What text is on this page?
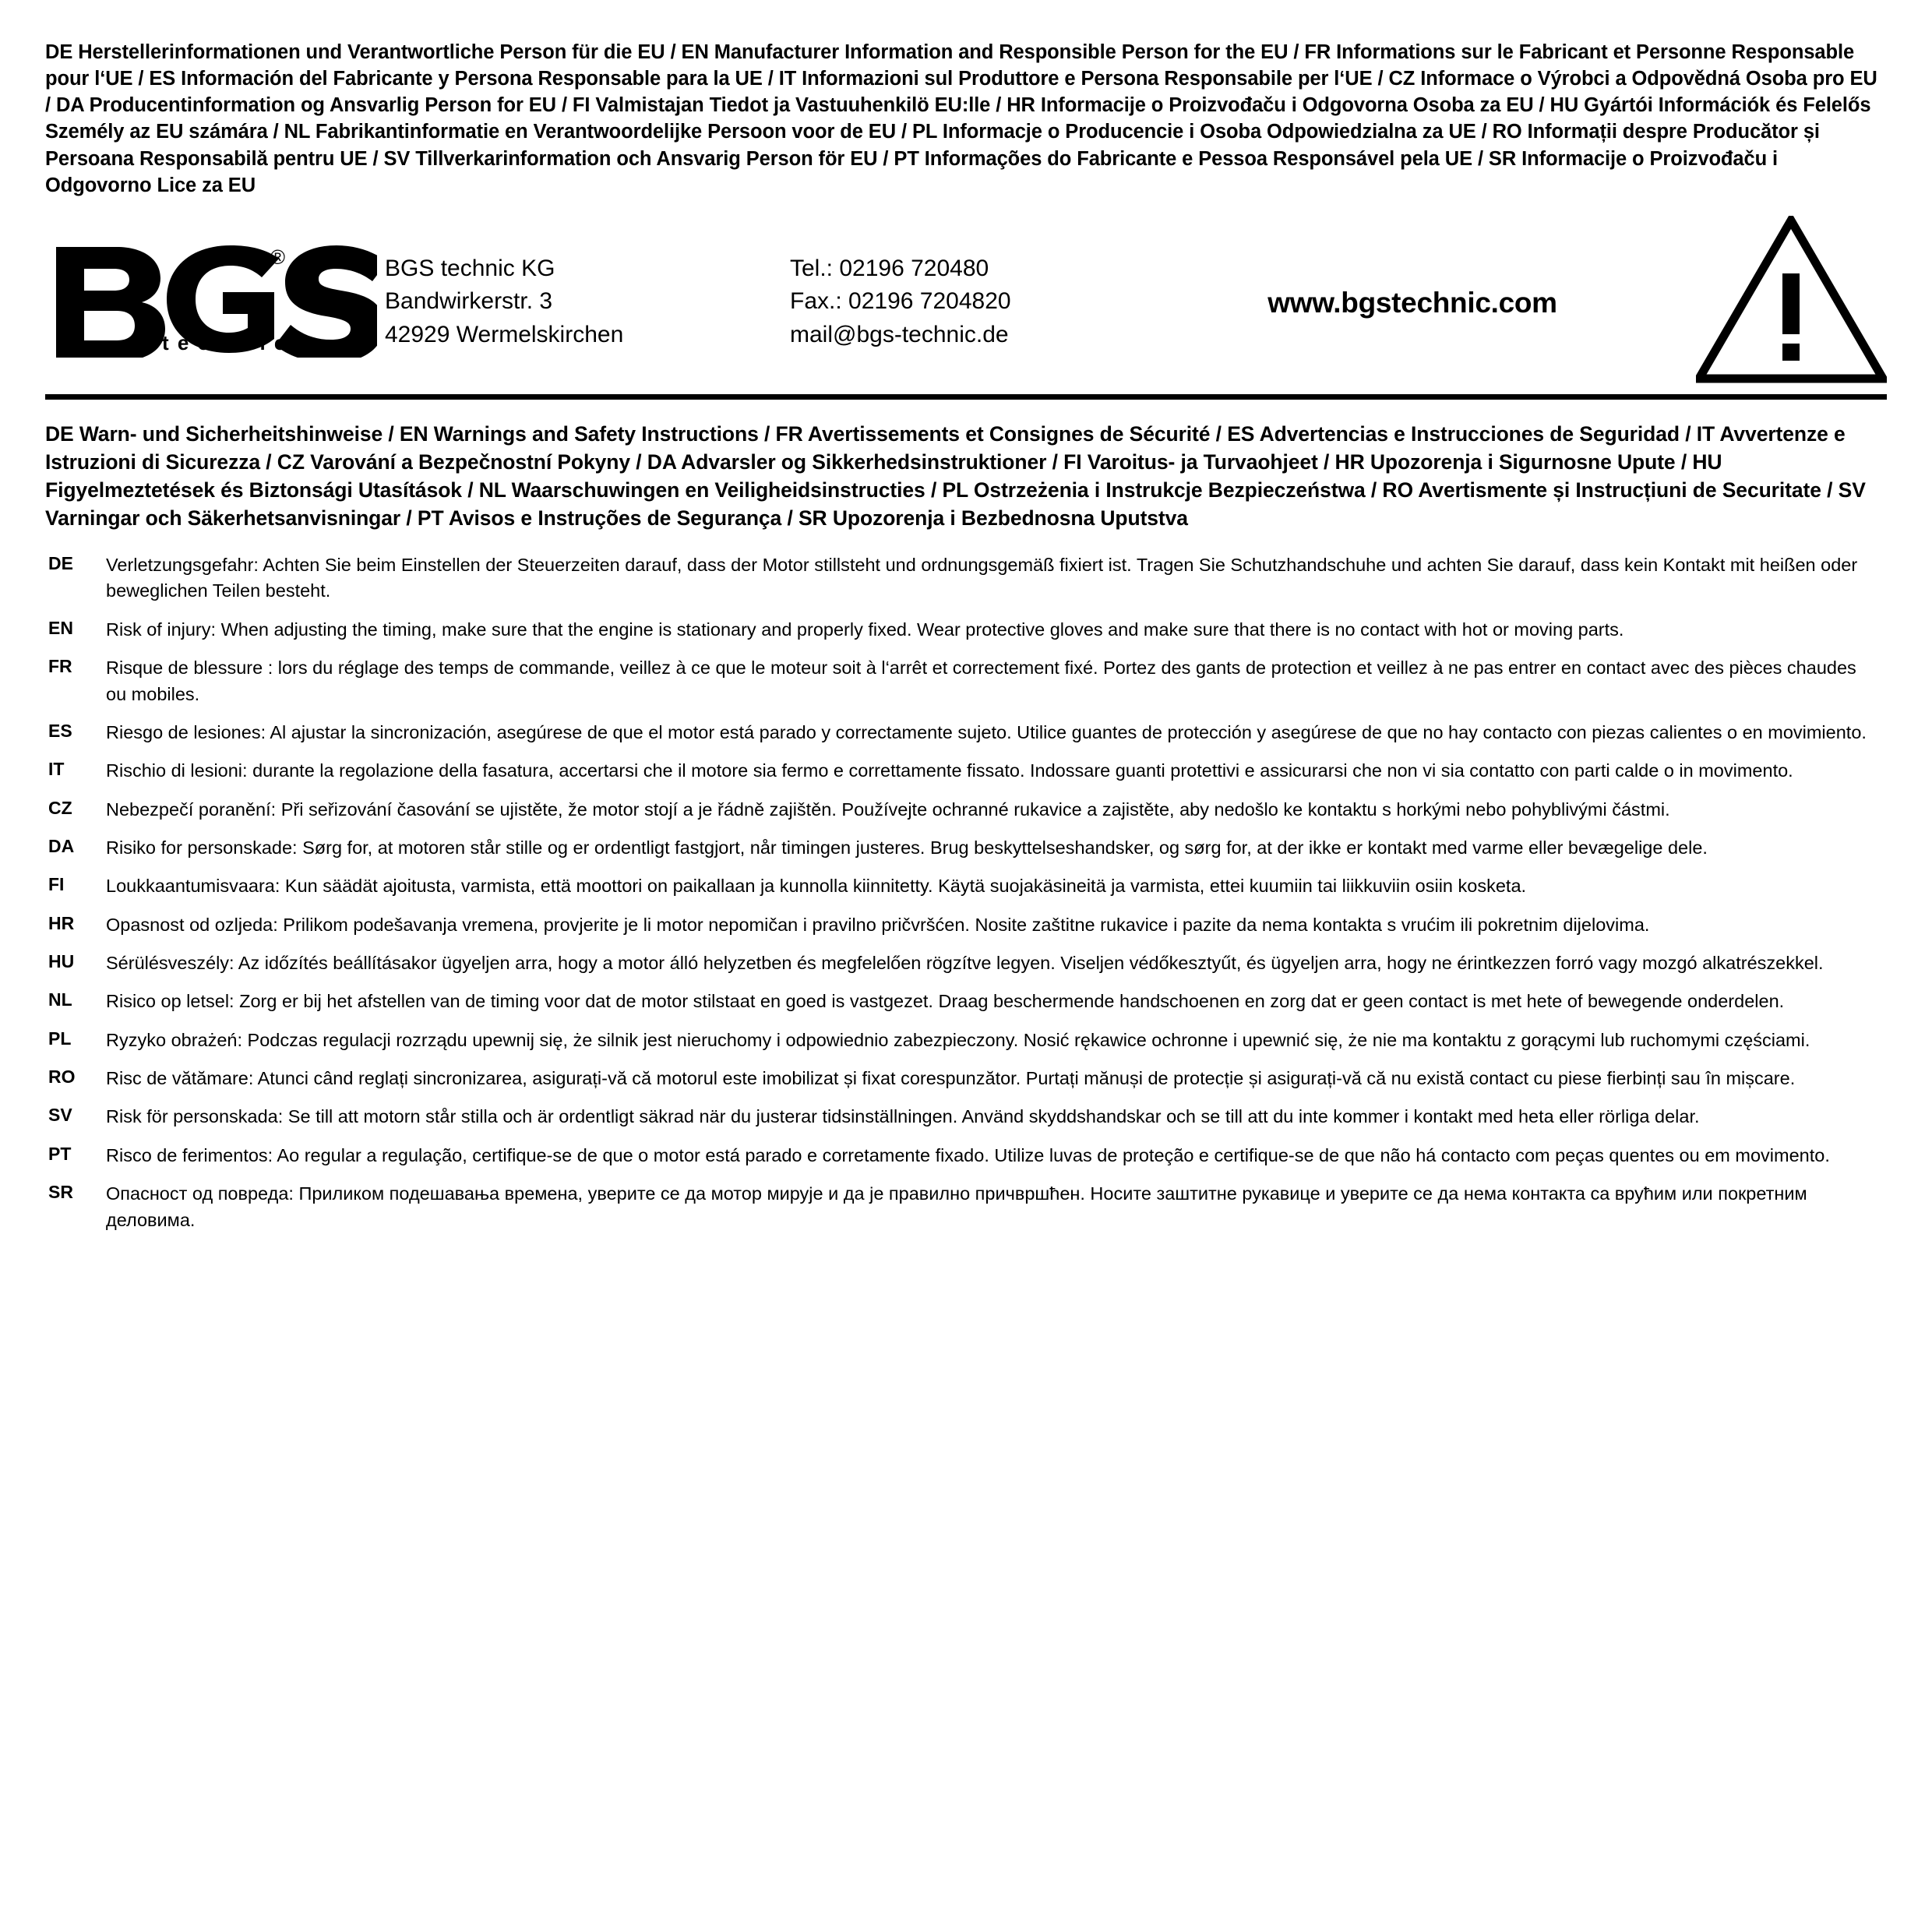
DE Herstellerinformationen und Verantwortliche Person für die EU / EN Manufacturer Information and Responsible Person for the EU / FR Informations sur le Fabricant et Personne Responsable pour l‘UE / ES Información del Fabricante y Persona Responsable para la UE / IT Informazioni sul Produttore e Persona Responsabile per l‘UE / CZ Informace o Výrobci a Odpovědná Osoba pro EU / DA Producentinformation og Ansvarlig Person for EU / FI Valmistajan Tiedot ja Vastuuhenkilö EU:lle / HR Informacije o Proizvođaču i Odgovorna Osoba za EU / HU Gyártói Információk és Felelős Személy az EU számára / NL Fabrikantinformatie en Verantwoordelijke Persoon voor de EU / PL Informacje o Producencie i Osoba Odpowiedzialna za UE / RO Informații despre Producător și Persoana Responsabilă pentru UE / SV Tillverkarinformation och Ansvarig Person för EU / PT Informações do Fabricante e Pessoa Responsável pela UE / SR Informacije o Proizvođaču i Odgovorno Lice za EU
®
t e c h n i c
BGS technic KG
Bandwirkerstr. 3
42929 Wermelskirchen
Tel.: 02196 720480
Fax.: 02196 7204820
mail@bgs-technic.de
www.bgstechnic.com
DE Warn- und Sicherheitshinweise / EN Warnings and Safety Instructions / FR Avertissements et Consignes de Sécurité / ES Advertencias e Instrucciones de Seguridad / IT Avvertenze e Istruzioni di Sicurezza / CZ Varování a Bezpečnostní Pokyny / DA Advarsler og Sikkerhedsinstruktioner / FI Varoitus- ja Turvaohjeet / HR Upozorenja i Sigurnosne Upute / HU Figyelmeztetések és Biztonsági Utasítások / NL Waarschuwingen en Veiligheidsinstructies / PL Ostrzeżenia i Instrukcje Bezpieczeństwa / RO Avertismente și Instrucțiuni de Securitate / SV Varningar och Säkerhetsanvisningar / PT Avisos e Instruções de Segurança / SR Upozorenja i Bezbednosna Uputstva
DE	Verletzungsgefahr: Achten Sie beim Einstellen der Steuerzeiten darauf, dass der Motor stillsteht und ordnungsgemäß fixiert ist. Tragen Sie Schutzhandschuhe und achten Sie darauf, dass kein Kontakt mit heißen oder beweglichen Teilen besteht.
EN	Risk of injury: When adjusting the timing, make sure that the engine is stationary and properly fixed. Wear protective gloves and make sure that there is no contact with hot or moving parts.
FR	Risque de blessure : lors du réglage des temps de commande, veillez à ce que le moteur soit à l‘arrêt et correctement fixé. Portez des gants de protection et veillez à ne pas entrer en contact avec des pièces chaudes ou mobiles.
ES	Riesgo de lesiones: Al ajustar la sincronización, asegúrese de que el motor está parado y correctamente sujeto. Utilice guantes de protección y asegúrese de que no hay contacto con piezas calientes o en movimiento.
IT	Rischio di lesioni: durante la regolazione della fasatura, accertarsi che il motore sia fermo e correttamente fissato. Indossare guanti protettivi e assicurarsi che non vi sia contatto con parti calde o in movimento.
CZ	Nebezpečí poranění: Při seřizování časování se ujistěte, že motor stojí a je řádně zajištěn. Používejte ochranné rukavice a zajistěte, aby nedošlo ke kontaktu s horkými nebo pohyblivými částmi.
DA	Risiko for personskade: Sørg for, at motoren står stille og er ordentligt fastgjort, når timingen justeres. Brug beskyttelseshandsker, og sørg for, at der ikke er kontakt med varme eller bevægelige dele.
FI	Loukkaantumisvaara: Kun säädät ajoitusta, varmista, että moottori on paikallaan ja kunnolla kiinnitetty. Käytä suojakäsineitä ja varmista, ettei kuumiin tai liikkuviin osiin kosketa.
HR	Opasnost od ozljeda: Prilikom podešavanja vremena, provjerite je li motor nepomičan i pravilno pričvršćen. Nosite zaštitne rukavice i pazite da nema kontakta s vrućim ili pokretnim dijelovima.
HU	Sérülésveszély: Az időzítés beállításakor ügyeljen arra, hogy a motor álló helyzetben és megfelelően rögzítve legyen. Viseljen védőkesztyűt, és ügyeljen arra, hogy ne érintkezzen forró vagy mozgó alkatrészekkel.
NL	Risico op letsel: Zorg er bij het afstellen van de timing voor dat de motor stilstaat en goed is vastgezet. Draag beschermende handschoenen en zorg dat er geen contact is met hete of bewegende onderdelen.
PL	Ryzyko obrażeń: Podczas regulacji rozrządu upewnij się, że silnik jest nieruchomy i odpowiednio zabezpieczony. Nosić rękawice ochronne i upewnić się, że nie ma kontaktu z gorącymi lub ruchomymi częściami.
RO	Risc de vătămare: Atunci când reglați sincronizarea, asigurați-vă că motorul este imobilizat și fixat corespunzător. Purtați mănuși de protecție și asigurați-vă că nu există contact cu piese fierbinți sau în mișcare.
SV	Risk för personskada: Se till att motorn står stilla och är ordentligt säkrad när du justerar tidsinställningen. Använd skyddshandskar och se till att du inte kommer i kontakt med heta eller rörliga delar.
PT	Risco de ferimentos: Ao regular a regulação, certifique-se de que o motor está parado e corretamente fixado. Utilize luvas de proteção e certifique-se de que não há contacto com peças quentes ou em movimento.
SR	Опасност од повреда: Приликом подешавања времена, уверите се да мотор мирује и да је правилно причвршћен. Носите заштитне рукавице и уверите се да нема контакта са врућим или покретним деловима.
